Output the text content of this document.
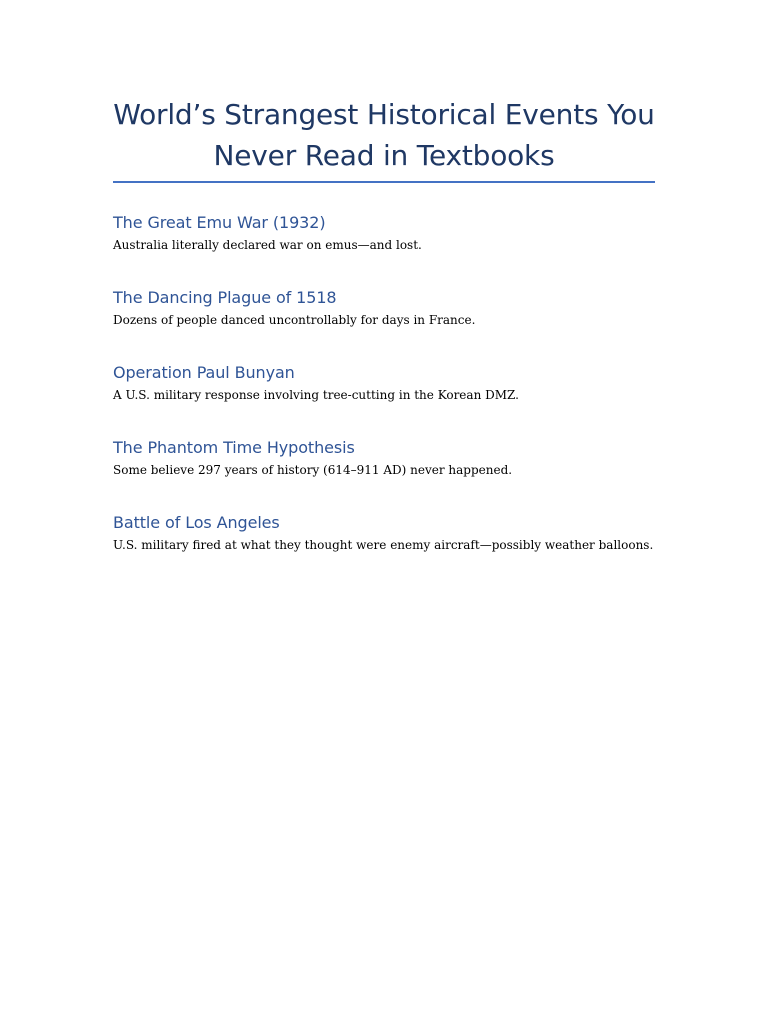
World’s Strangest Historical Events You
Never Read in Textbooks
The Great Emu War (1932)

Australia literally declared war on emus—and lost.

The Dancing Plague of 1518

Dozens of people danced uncontrollably for days in France.

Operation Paul Bunyan

A U.S. military response involving tree-cutting in the Korean DMZ.

The Phantom Time Hypothesis

Some believe 297 years of history (614–911 AD) never happened.

Battle of Los Angeles

U.S. military fired at what they thought were enemy aircraft—possibly weather balloons.
